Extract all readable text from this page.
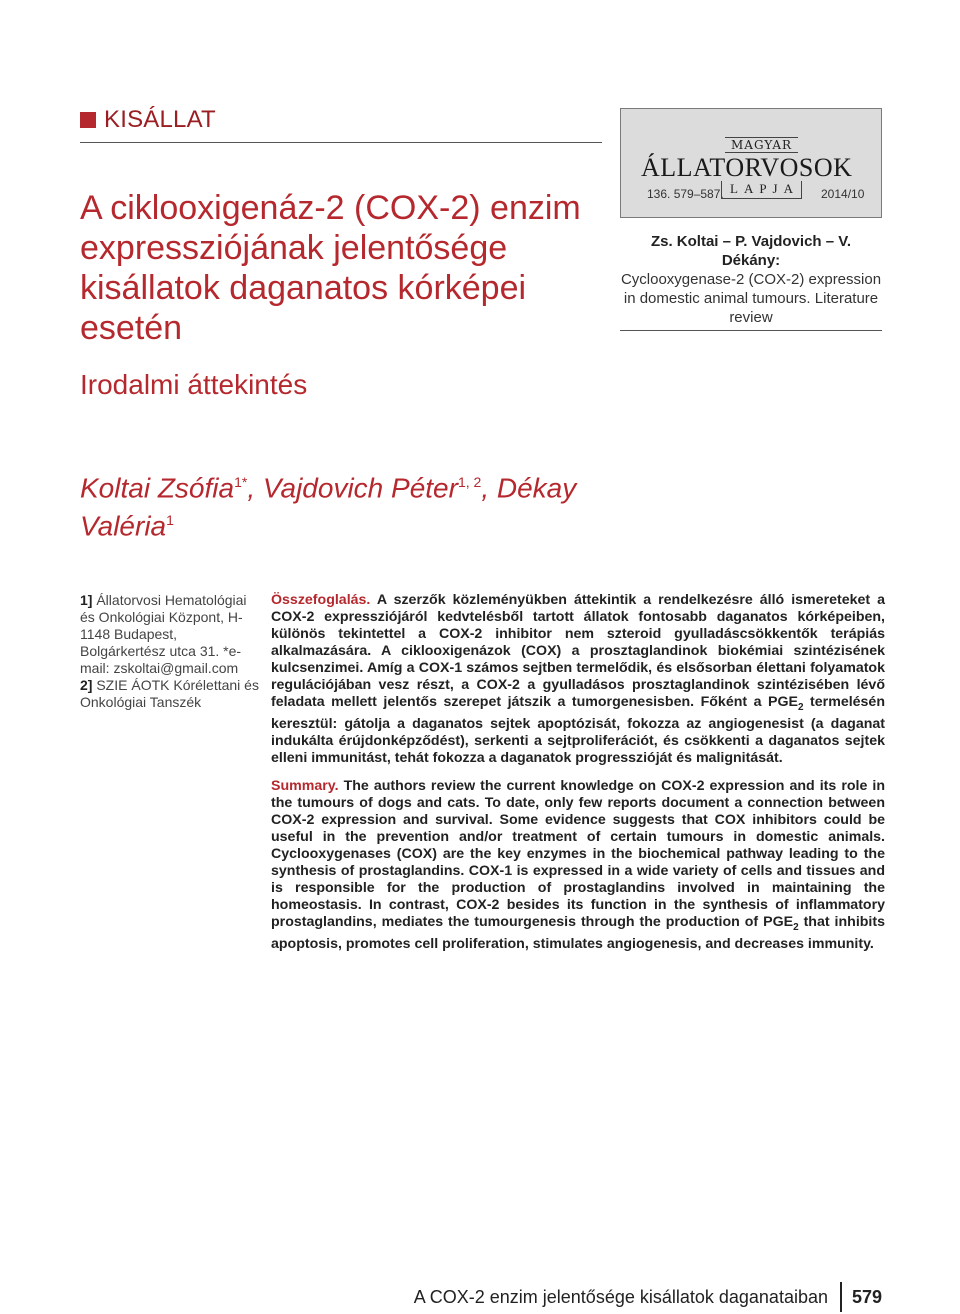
KISÁLLAT
A ciklooxigenáz-2 (COX-2) enzim expressziójának jelentősége kisállatok daganatos kórképei esetén
Irodalmi áttekintés
MAGYAR
ÁLLATORVOSOK
136. 579–587. LAPJA 2014/10
Zs. Koltai – P. Vajdovich – V. Dékány:
Cyclooxygenase-2 (COX-2) expression in domestic animal tumours. Literature review
Koltai Zsófia$^{1*}$, Vajdovich Péter$^{1, 2}$, Dékay Valéria$^1$
1] Állatorvosi Hematológiai és Onkológiai Központ, H-1148 Budapest, Bolgárkertész utca 31. *e-mail: zskoltai@gmail.com
2] SZIE ÁOTK Kórélettani és Onkológiai Tanszék
Összefoglalás. A szerzők közleményükben áttekintik a rendelkezésre álló ismereteket a COX-2 expressziójáról kedvtelésből tartott állatok fontosabb daganatos kórképeiben, különös tekintettel a COX-2 inhibitor nem szteroid gyulladáscsökkentők terápiás alkalmazására. A ciklooxigenázok (COX) a prosztaglandinok biokémiai szintézisének kulcsenzimei. Amíg a COX-1 számos sejtben termelődik, és elsősorban élettani folyamatok regulációjában vesz részt, a COX-2 a gyulladásos prosztaglandinok szintézisében lévő feladata mellett jelentős szerepet játszik a tumorgenesisben. Főként a $PGE_2$ termelésén keresztül: gátolja a daganatos sejtek apoptózisát, fokozza az angiogenesist (a daganat indukálta érújdonképződést), serkenti a sejtproliferációt, és csökkenti a daganatos sejtek elleni immunitást, tehát fokozza a daganatok progresszióját és malignitását.
Summary. The authors review the current knowledge on COX-2 expression and its role in the tumours of dogs and cats. To date, only few reports document a connection between COX-2 expression and survival. Some evidence suggests that COX inhibitors could be useful in the prevention and/or treatment of certain tumours in domestic animals. Cyclooxygenases (COX) are the key enzymes in the biochemical pathway leading to the synthesis of prostaglandins. COX-1 is expressed in a wide variety of cells and tissues and is responsible for the production of prostaglandins involved in maintaining the homeostasis. In contrast, COX-2 besides its function in the synthesis of inflammatory prostaglandins, mediates the tumourgenesis through the production of $PGE_2$ that inhibits apoptosis, promotes cell proliferation, stimulates angiogenesis, and decreases immunity.
A COX-2 enzim jelentősége kisállatok daganataiban 579
